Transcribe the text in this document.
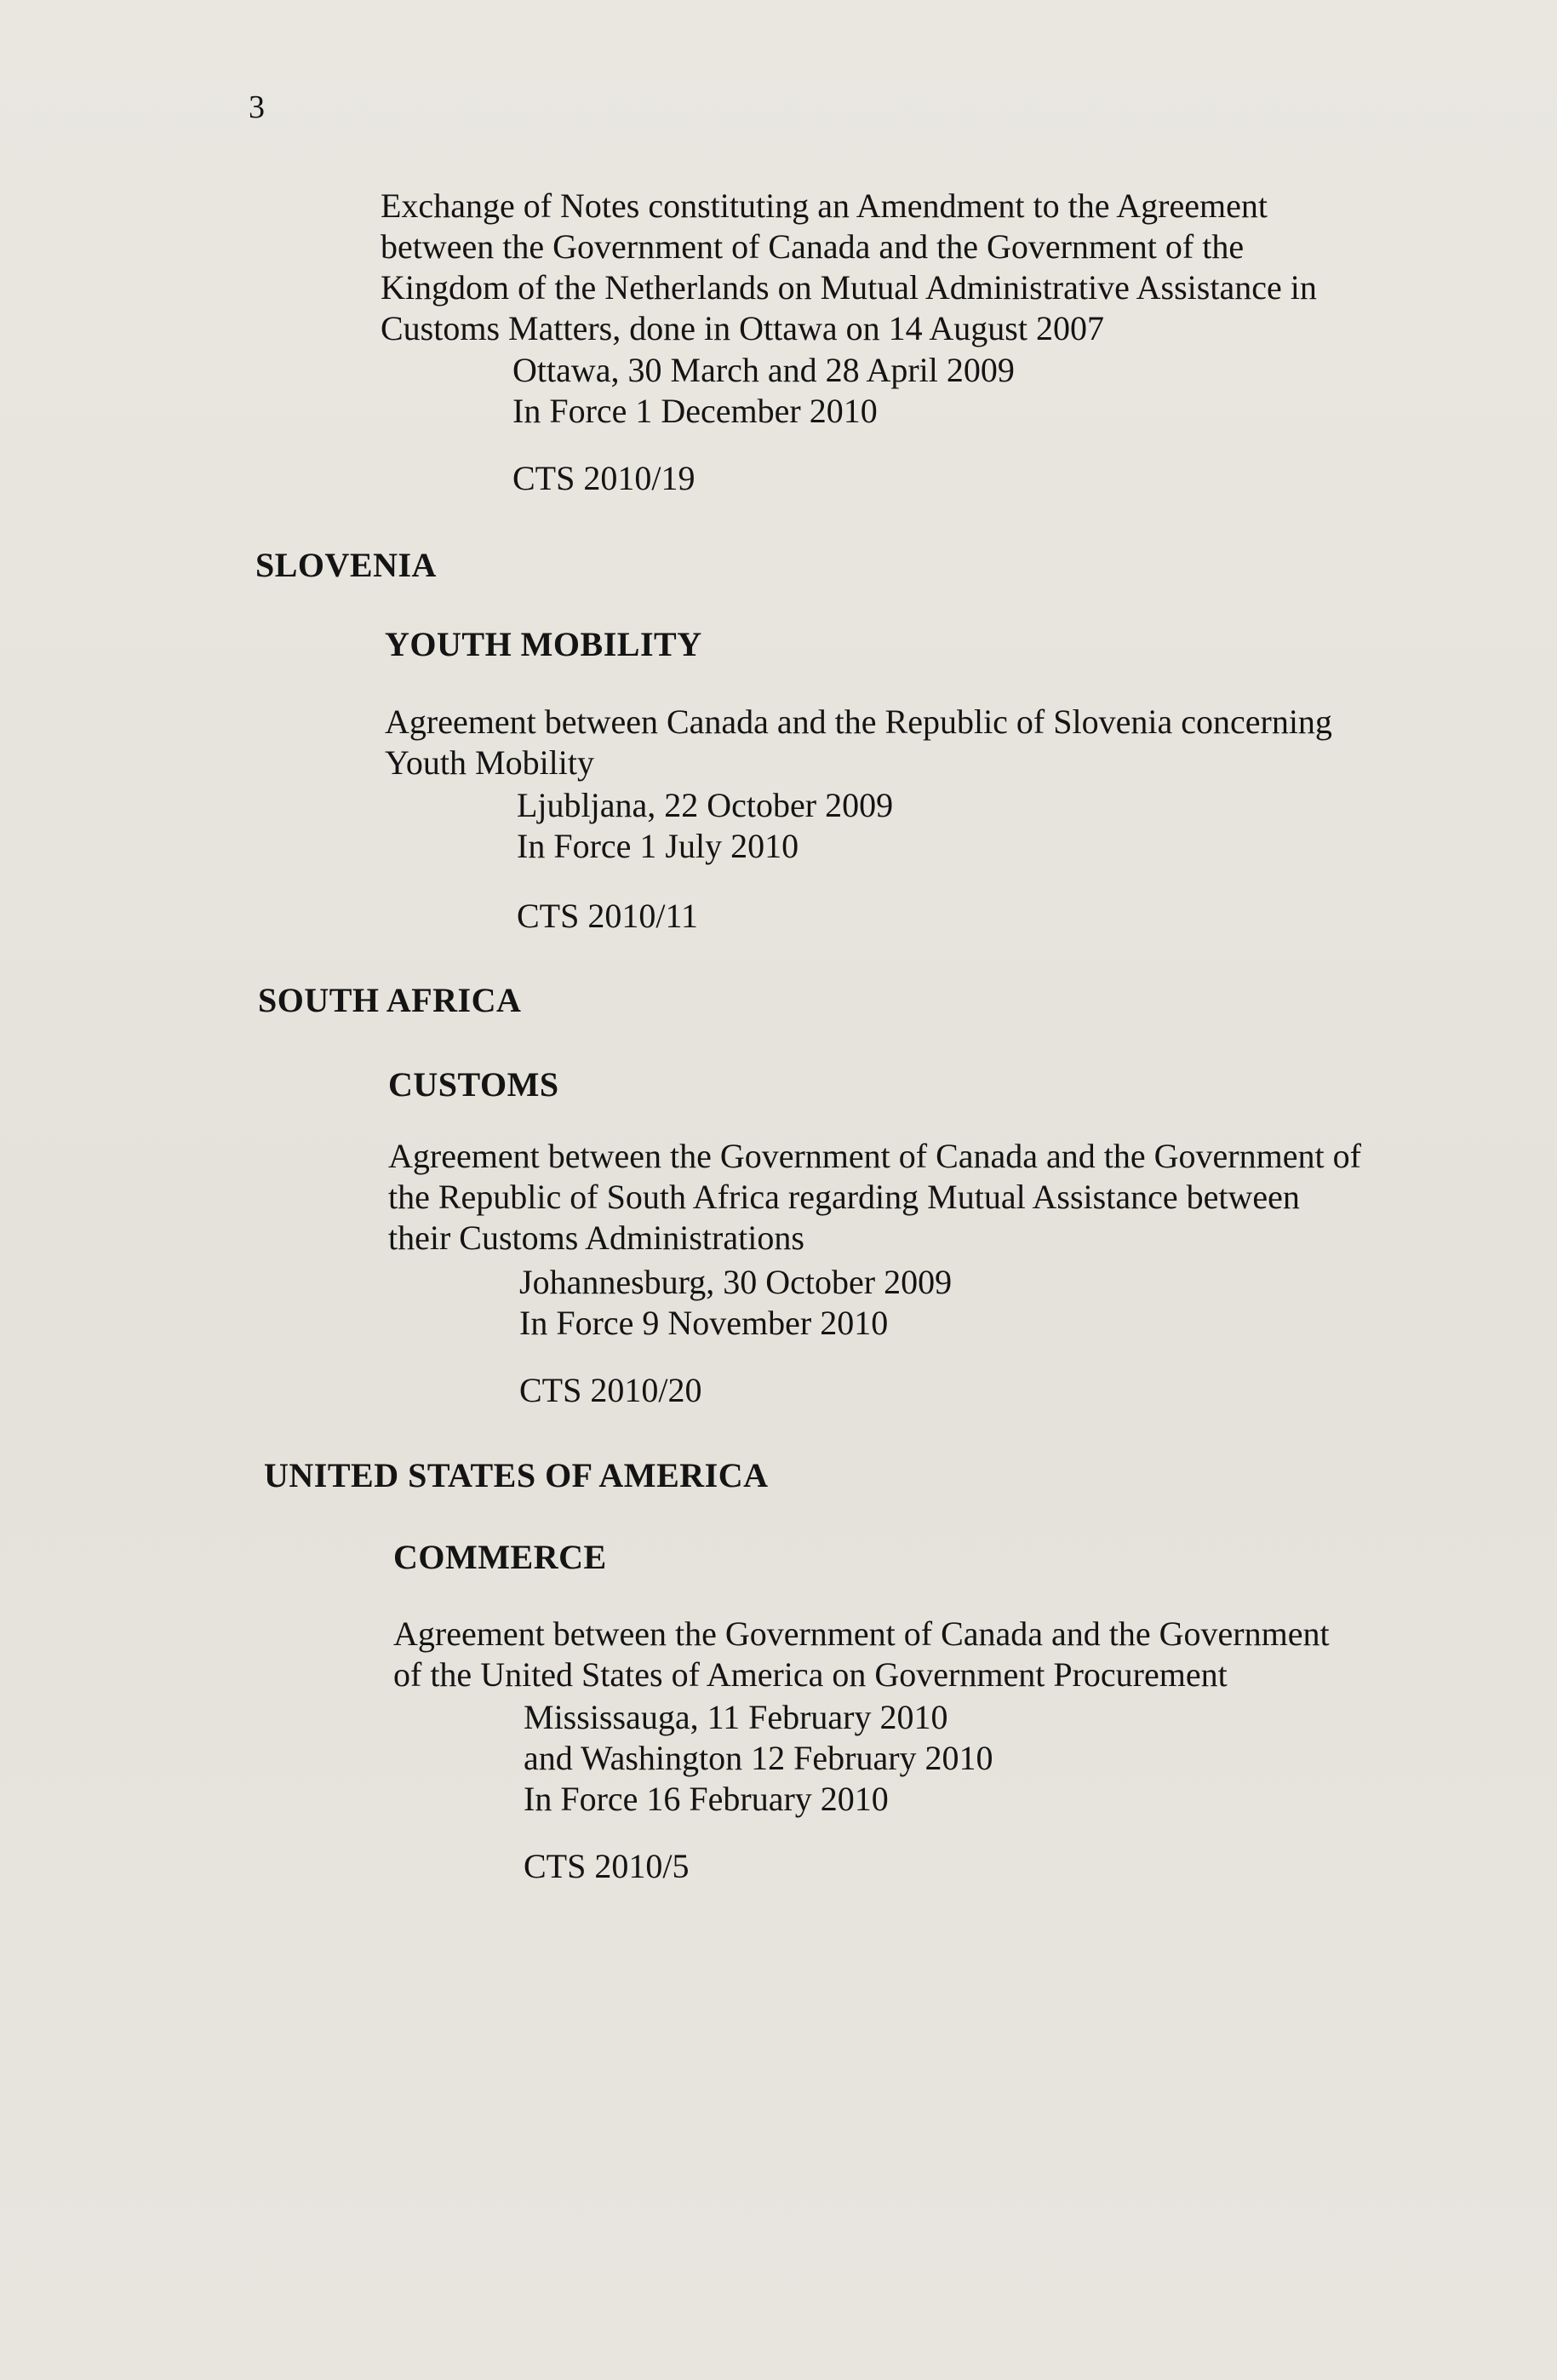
3

Exchange of Notes constituting an Amendment to the Agreement

between the Government of Canada and the Government of the

Kingdom of the Netherlands on Mutual Administrative Assistance in

Customs Matters, done in Ottawa on 14 August 2007

Ottawa, 30 March and 28 April 2009

In Force 1 December 2010

CTS 2010/19
SLOVENIA
YOUTH MOBILITY

Agreement between Canada and the Republic of Slovenia concerning

Youth Mobility

Ljubljana, 22 October 2009

In Force 1 July 2010

CTS 2010/11
SOUTH AFRICA
CUSTOMS

Agreement between the Government of Canada and the Government of

the Republic of South Africa regarding Mutual Assistance between

their Customs Administrations

Johannesburg, 30 October 2009

In Force 9 November 2010

CTS 2010/20
UNITED STATES OF AMERICA
COMMERCE

Agreement between the Government of Canada and the Government

of the United States of America on Government Procurement

Mississauga, 11 February 2010

and Washington 12 February 2010

In Force 16 February 2010

CTS 2010/5
